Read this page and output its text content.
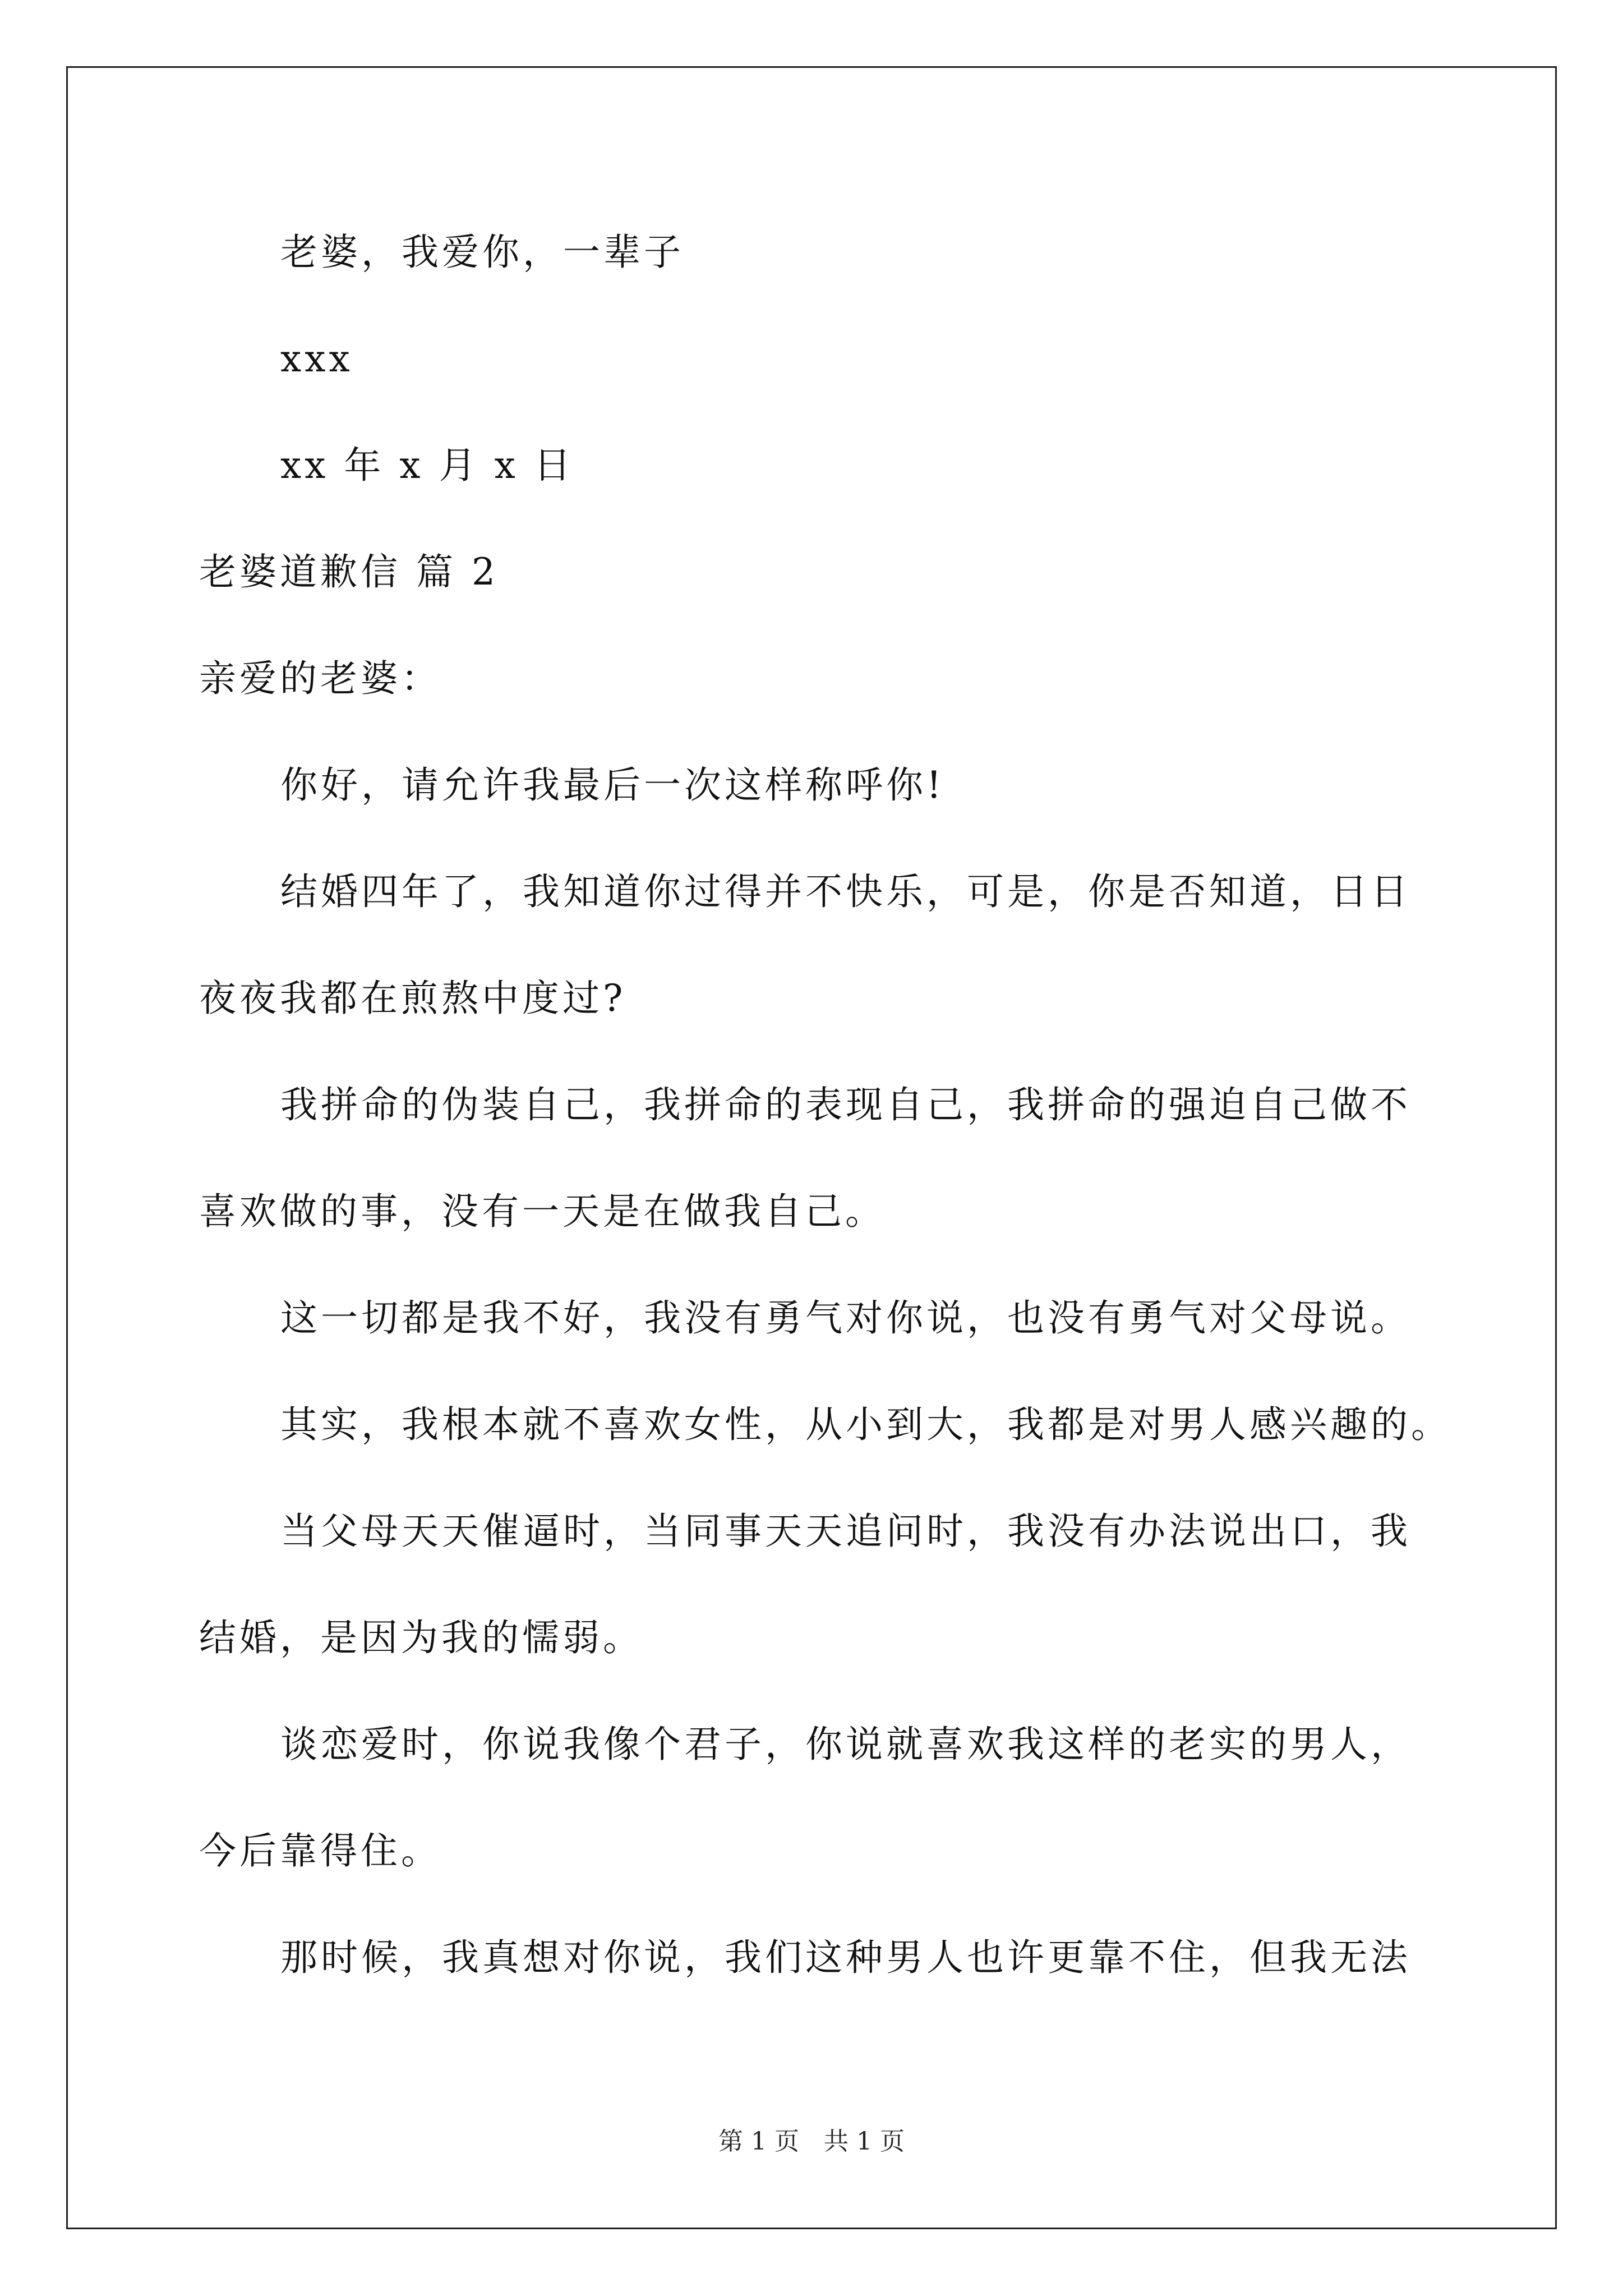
老婆，我爱你，一辈子
xxx
xx 年 x 月 x 日
老婆道歉信 篇 2
亲爱的老婆：
你好，请允许我最后一次这样称呼你!
结婚四年了，我知道你过得并不快乐，可是，你是否知道，日日
夜夜我都在煎熬中度过?
我拼命的伪装自己，我拼命的表现自己，我拼命的强迫自己做不
喜欢做的事，没有一天是在做我自己。
这一切都是我不好，我没有勇气对你说，也没有勇气对父母说。
其实，我根本就不喜欢女性，从小到大，我都是对男人感兴趣的。
当父母天天催逼时，当同事天天追问时，我没有办法说出口，我
结婚，是因为我的懦弱。
谈恋爱时，你说我像个君子，你说就喜欢我这样的老实的男人，
今后靠得住。
那时候，我真想对你说，我们这种男人也许更靠不住，但我无法
第 1 页　共 1 页
